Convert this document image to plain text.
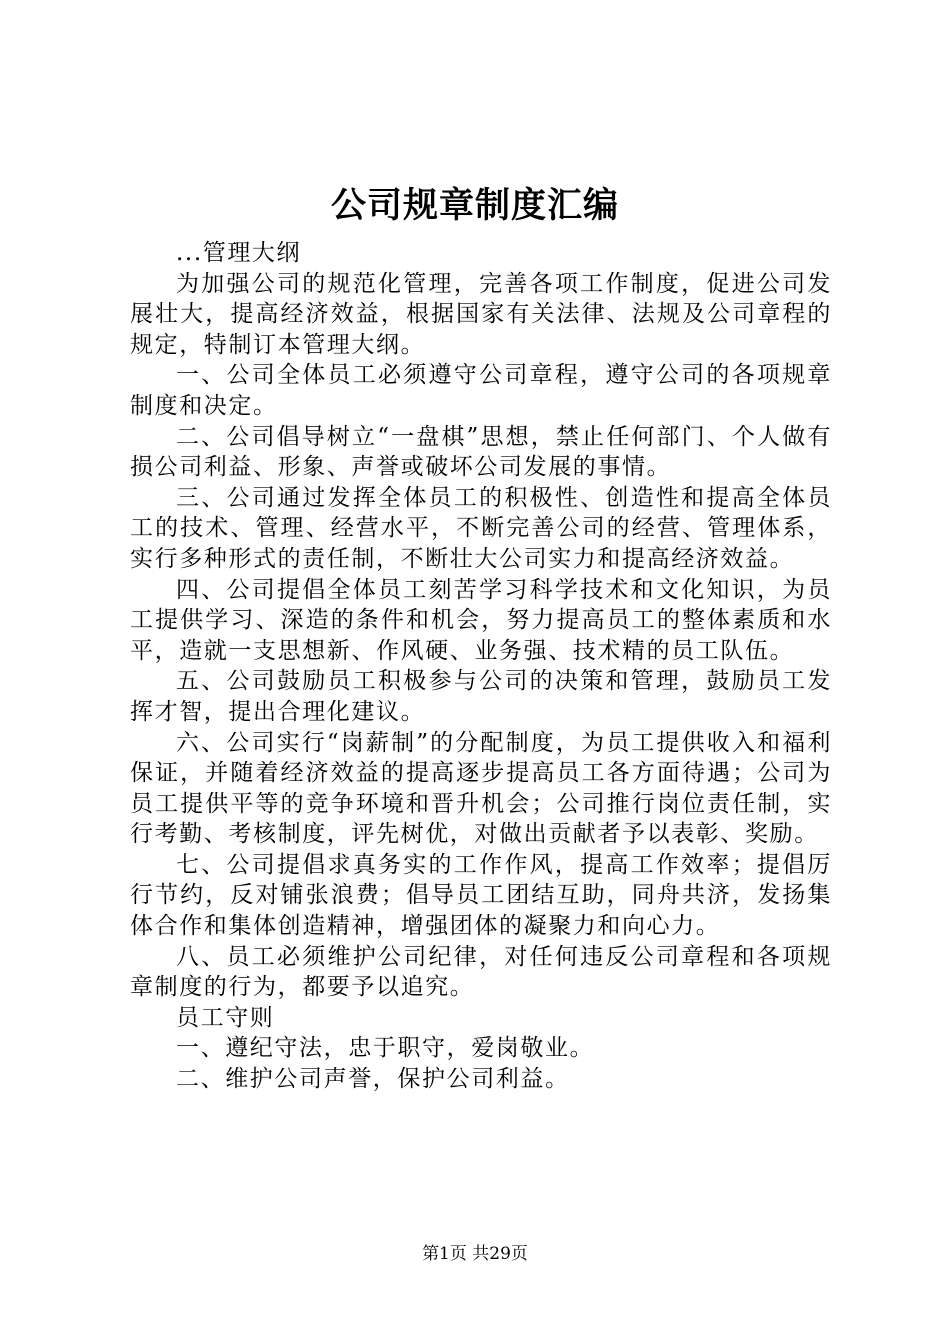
公司规章制度汇编

...管理大纲

为加强公司的规范化管理，完善各项工作制度，促进公司发展壮大，提高经济效益，根据国家有关法律、法规及公司章程的规定，特制订本管理大纲。

一、公司全体员工必须遵守公司章程，遵守公司的各项规章制度和决定。

二、公司倡导树立“一盘棋”思想，禁止任何部门、个人做有损公司利益、形象、声誉或破坏公司发展的事情。

三、公司通过发挥全体员工的积极性、创造性和提高全体员工的技术、管理、经营水平，不断完善公司的经营、管理体系，实行多种形式的责任制，不断壮大公司实力和提高经济效益。

四、公司提倡全体员工刻苦学习科学技术和文化知识，为员工提供学习、深造的条件和机会，努力提高员工的整体素质和水平，造就一支思想新、作风硬、业务强、技术精的员工队伍。

五、公司鼓励员工积极参与公司的决策和管理，鼓励员工发挥才智，提出合理化建议。

六、公司实行“岗薪制”的分配制度，为员工提供收入和福利保证，并随着经济效益的提高逐步提高员工各方面待遇；公司为员工提供平等的竞争环境和晋升机会；公司推行岗位责任制，实行考勤、考核制度，评先树优，对做出贡献者予以表彰、奖励。

七、公司提倡求真务实的工作作风，提高工作效率；提倡厉行节约，反对铺张浪费；倡导员工团结互助，同舟共济，发扬集体合作和集体创造精神，增强团体的凝聚力和向心力。

八、员工必须维护公司纪律，对任何违反公司章程和各项规章制度的行为，都要予以追究。

员工守则

一、遵纪守法，忠于职守，爱岗敬业。

二、维护公司声誉，保护公司利益。

第1页 共29页
